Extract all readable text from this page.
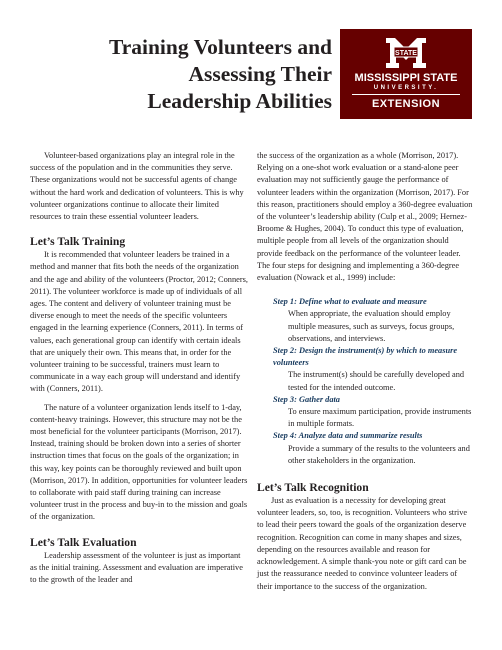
Training Volunteers and
Assessing Their
Leadership Abilities
STATE
MISSISSIPPI STATE
UNIVERSITY.
EXTENSION

Volunteer-based organizations play an integral role in the success of the population and in the communities they serve. These organizations would not be successful agents of change without the hard work and dedication of volunteers. This is why volunteer organizations continue to allocate their limited resources to train these essential volunteer leaders.

Let’s Talk Training

It is recommended that volunteer leaders be trained in a method and manner that fits both the needs of the organization and the age and ability of the volunteers (Proctor, 2012; Conners, 2011). The volunteer workforce is made up of individuals of all ages. The content and delivery of volunteer training must be diverse enough to meet the needs of the specific volunteers engaged in the learning experience (Conners, 2011). In terms of values, each generational group can identify with certain ideals that are uniquely their own. This means that, in order for the volunteer training to be successful, trainers must learn to communicate in a way each group will understand and identify with (Conners, 2011).

The nature of a volunteer organization lends itself to 1-day, content-heavy trainings. However, this structure may not be the most beneficial for the volunteer participants (Morrison, 2017). Instead, training should be broken down into a series of shorter instruction times that focus on the goals of the organization; in this way, key points can be thoroughly reviewed and built upon (Morrison, 2017). In addition, opportunities for volunteer leaders to collaborate with paid staff during training can increase volunteer trust in the process and buy-in to the mission and goals of the organization.

Let’s Talk Evaluation

Leadership assessment of the volunteer is just as important as the initial training. Assessment and evaluation are imperative to the growth of the leader and

the success of the organization as a whole (Morrison, 2017). Relying on a one-shot work evaluation or a stand-alone peer evaluation may not sufficiently gauge the performance of volunteer leaders within the organization (Morrison, 2017). For this reason, practitioners should employ a 360-degree evaluation of the volunteer’s leadership ability (Culp et al., 2009; Hernez-Broome & Hughes, 2004). To conduct this type of evaluation, multiple people from all levels of the organization should provide feedback on the performance of the volunteer leader. The four steps for designing and implementing a 360-degree evaluation (Nowack et al., 1999) include:

Step 1: Define what to evaluate and measure

When appropriate, the evaluation should employ multiple measures, such as surveys, focus groups, observations, and interviews.

Step 2: Design the instrument(s) by which to measure volunteers

The instrument(s) should be carefully developed and tested for the intended outcome.

Step 3: Gather data

To ensure maximum participation, provide instruments in multiple formats.

Step 4: Analyze data and summarize results

Provide a summary of the results to the volunteers and other stakeholders in the organization.

Let’s Talk Recognition

Just as evaluation is a necessity for developing great volunteer leaders, so, too, is recognition. Volunteers who strive to lead their peers toward the goals of the organization deserve recognition. Recognition can come in many shapes and sizes, depending on the resources available and reason for acknowledgement. A simple thank-you note or gift card can be just the reassurance needed to convince volunteer leaders of their importance to the success of the organization.
